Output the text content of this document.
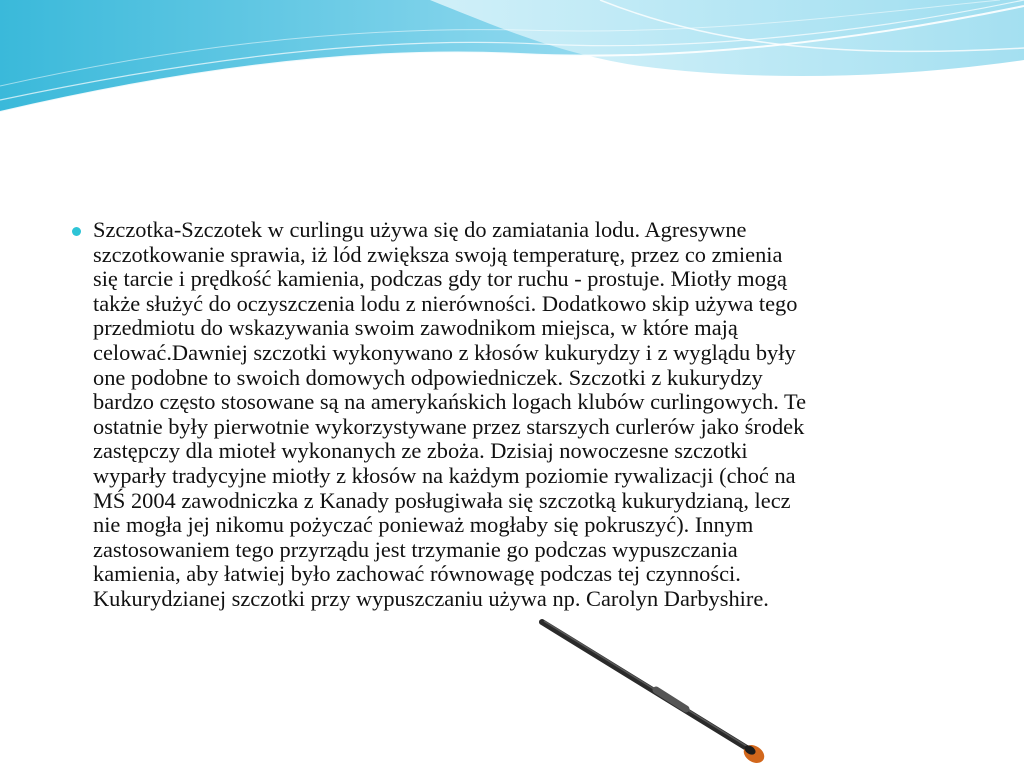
Szczotka-Szczotek w curlingu używa się do zamiatania lodu. Agresywne
szczotkowanie sprawia, iż lód zwiększa swoją temperaturę, przez co zmienia
się tarcie i prędkość kamienia, podczas gdy tor ruchu - prostuje. Miotły mogą
także służyć do oczyszczenia lodu z nierówności. Dodatkowo skip używa tego
przedmiotu do wskazywania swoim zawodnikom miejsca, w które mają
celować.Dawniej szczotki wykonywano z kłosów kukurydzy i z wyglądu były
one podobne to swoich domowych odpowiedniczek. Szczotki z kukurydzy
bardzo często stosowane są na amerykańskich logach klubów curlingowych. Te
ostatnie były pierwotnie wykorzystywane przez starszych curlerów jako środek
zastępczy dla mioteł wykonanych ze zboża. Dzisiaj nowoczesne szczotki
wyparły tradycyjne miotły z kłosów na każdym poziomie rywalizacji (choć na
MŚ 2004 zawodniczka z Kanady posługiwała się szczotką kukurydzianą, lecz
nie mogła jej nikomu pożyczać ponieważ mogłaby się pokruszyć). Innym
zastosowaniem tego przyrządu jest trzymanie go podczas wypuszczania
kamienia, aby łatwiej było zachować równowagę podczas tej czynności.
Kukurydzianej szczotki przy wypuszczaniu używa np. Carolyn Darbyshire.
